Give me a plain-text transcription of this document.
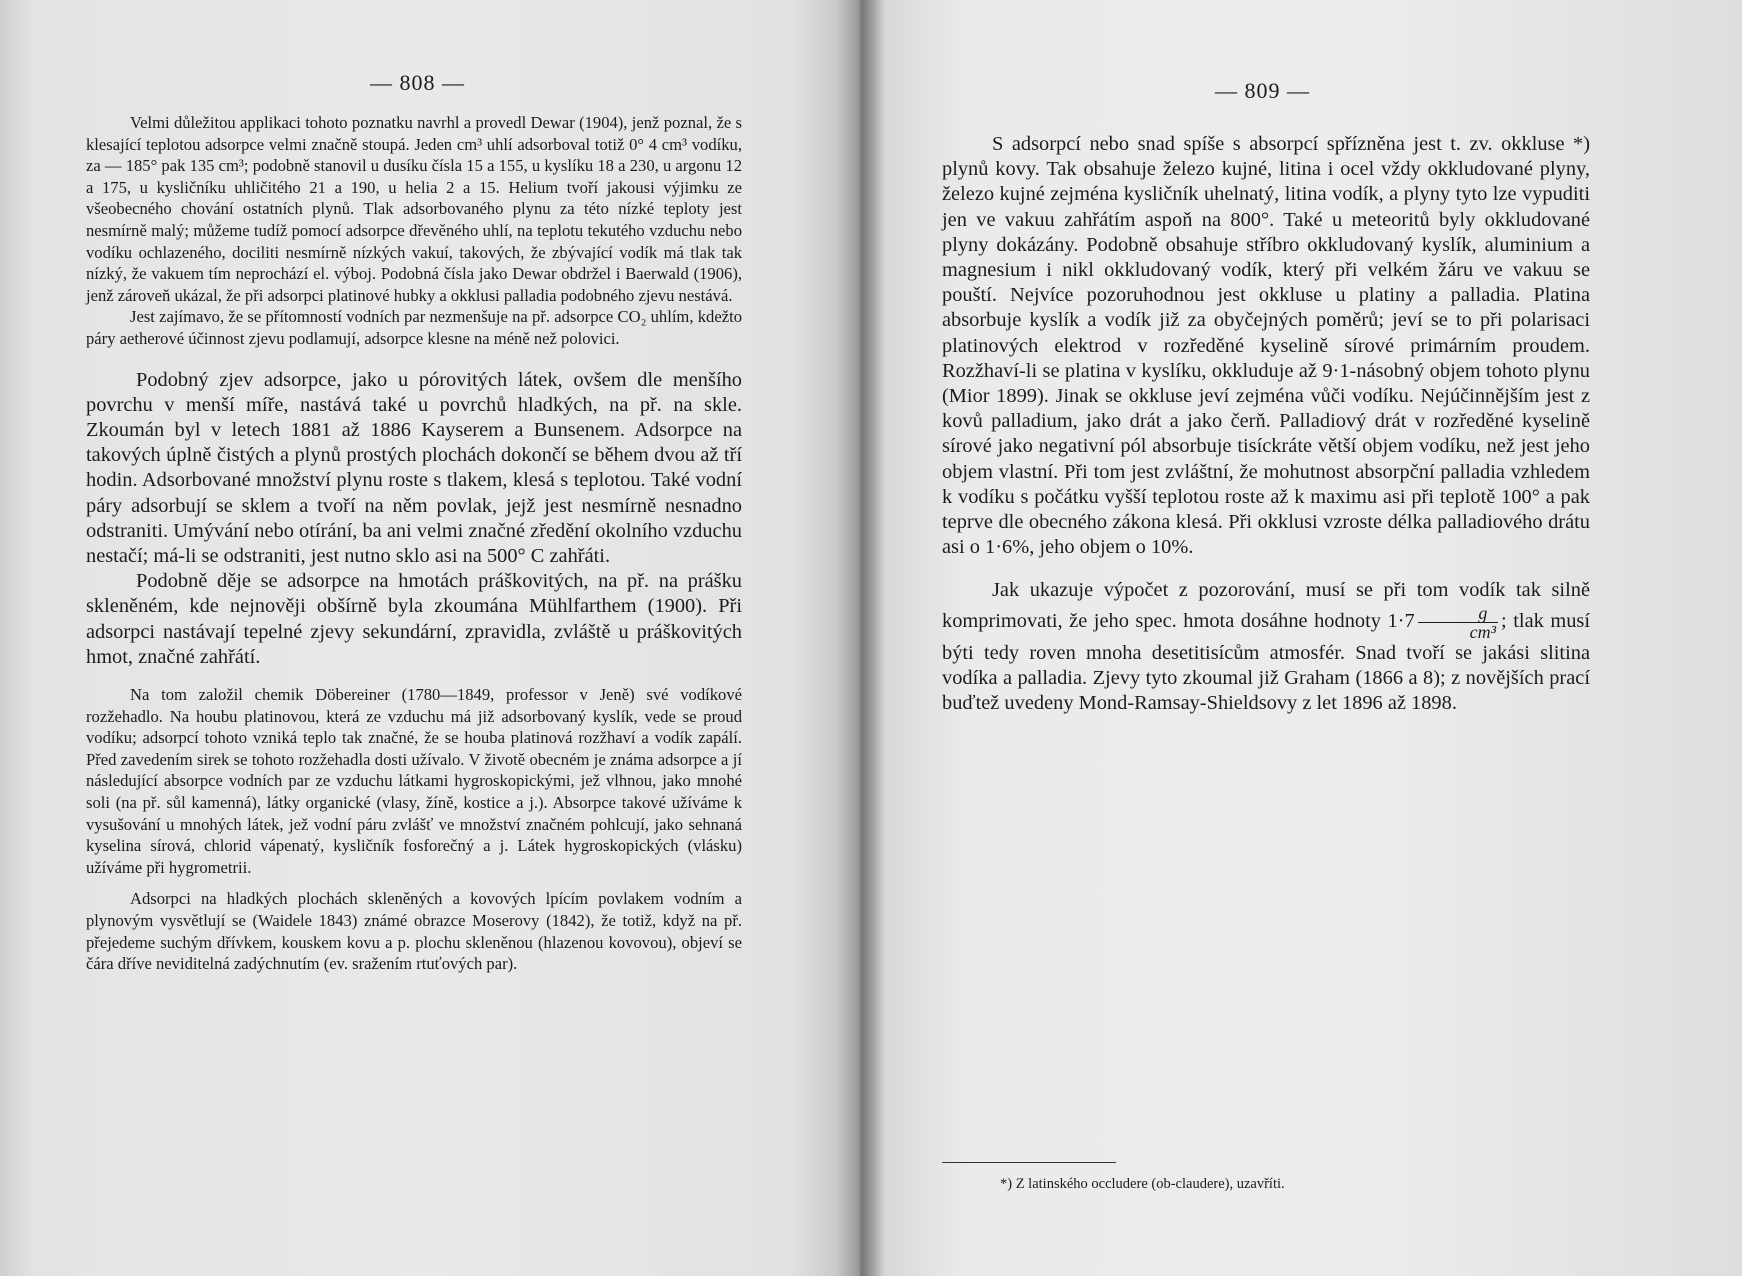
— 808 —	— 809 —

Velmi důležitou applikaci tohoto poznatku navrhl a provedl Dewar (1904), jenž poznal, že s klesající teplotou adsorpce velmi značně stoupá. Jeden cm³ uhlí adsorboval totiž 0° 4 cm³ vodíku, za — 185° pak 135 cm³; podobně stanovil u dusíku čísla 15 a 155, u kyslíku 18 a 230, u argonu 12 a 175, u kysličníku uhličitého 21 a 190, u helia 2 a 15. Helium tvoří jakousi výjimku ze všeobecného chování ostatních plynů. Tlak adsorbovaného plynu za této nízké teploty jest nesmírně malý; můžeme tudíž pomocí adsorpce dřevěného uhlí, na teplotu tekutého vzduchu nebo vodíku ochlazeného, dociliti nesmírně nízkých vakuí, takových, že zbývající vodík má tlak tak nízký, že vakuem tím neprochází el. výboj. Podobná čísla jako Dewar obdržel i Baerwald (1906), jenž zároveň ukázal, že při adsorpci platinové hubky a okklusi palladia podobného zjevu nestává.

Jest zajímavo, že se přítomností vodních par nezmenšuje na př. adsorpce CO₂ uhlím, kdežto páry aetherové účinnost zjevu podlamují, adsorpce klesne na méně než polovici.

Podobný zjev adsorpce, jako u pórovitých látek, ovšem dle menšího povrchu v menší míře, nastává také u povrchů hladkých, na př. na skle. Zkoumán byl v letech 1881 až 1886 Kayserem a Bunsenem. Adsorpce na takových úplně čistých a plynů prostých plochách dokončí se během dvou až tří hodin. Adsorbované množství plynu roste s tlakem, klesá s teplotou. Také vodní páry adsorbují se sklem a tvoří na něm povlak, jejž jest nesmírně nesnadno odstraniti. Umývání nebo otírání, ba ani velmi značné zředění okolního vzduchu nestačí; má-li se odstraniti, jest nutno sklo asi na 500° C zahřáti.

Podobně děje se adsorpce na hmotách práškovitých, na př. na prášku skleněném, kde nejnověji obšírně byla zkoumána Mühlfarthem (1900). Při adsorpci nastávají tepelné zjevy sekundární, zpravidla, zvláště u práškovitých hmot, značné zahřátí.

Na tom založil chemik Döbereiner (1780—1849, professor v Jeně) své vodíkové rozžehadlo. Na houbu platinovou, která ze vzduchu má již adsorbovaný kyslík, vede se proud vodíku; adsorpcí tohoto vzniká teplo tak značné, že se houba platinová rozžhaví a vodík zapálí. Před zavedením sirek se tohoto rozžehadla dosti užívalo. V životě obecném je známa adsorpce a jí následující absorpce vodních par ze vzduchu látkami hygroskopickými, jež vlhnou, jako mnohé soli (na př. sůl kamenná), látky organické (vlasy, žíně, kostice a j.). Absorpce takové užíváme k vysušování u mnohých látek, jež vodní páru zvlášť ve množství značném pohlcují, jako sehnaná kyselina sírová, chlorid vápenatý, kysličník fosforečný a j. Látek hygroskopických (vlásku) užíváme při hygrometrii.

Adsorpci na hladkých plochách skleněných a kovových lpícím povlakem vodním a plynovým vysvětlují se (Waidele 1843) známé obrazce Moserovy (1842), že totiž, když na př. přejedeme suchým dřívkem, kouskem kovu a p. plochu skleněnou (hlazenou kovovou), objeví se čára dříve neviditelná zadýchnutím (ev. sražením rtuťových par).

S adsorpcí nebo snad spíše s absorpcí spřízněna jest t. zv. okkluse *) plynů kovy. Tak obsahuje železo kujné, litina i ocel vždy okkludované plyny, železo kujné zejména kysličník uhelnatý, litina vodík, a plyny tyto lze vypuditi jen ve vakuu zahřátím aspoň na 800°. Také u meteoritů byly okkludované plyny dokázány. Podobně obsahuje stříbro okkludovaný kyslík, aluminium a magnesium i nikl okkludovaný vodík, který při velkém žáru ve vakuu se pouští. Nejvíce pozoruhodnou jest okkluse u platiny a palladia. Platina absorbuje kyslík a vodík již za obyčejných poměrů; jeví se to při polarisaci platinových elektrod v rozředěné kyselině sírové primárním proudem. Rozžhaví-li se platina v kyslíku, okkluduje až 9·1-násobný objem tohoto plynu (Mior 1899). Jinak se okkluse jeví zejména vůči vodíku. Nejúčinnějším jest z kovů palladium, jako drát a jako čerň. Palladiový drát v rozředěné kyselině sírové jako negativní pól absorbuje tisíckráte větší objem vodíku, než jest jeho objem vlastní. Při tom jest zvláštní, že mohutnost absorpční palladia vzhledem k vodíku s počátku vyšší teplotou roste až k maximu asi při teplotě 100° a pak teprve dle obecného zákona klesá. Při okklusi vzroste délka palladiového drátu asi o 1·6%, jeho objem o 10%.

Jak ukazuje výpočet z pozorování, musí se při tom vodík tak silně komprimovati, že jeho spec. hmota dosáhne hodnoty $1\cdot 7 \frac{g}{\text{cm³}}$ ; tlak musí býti tedy roven mnoha desetitisícům atmosfér. Snad tvoří se jakási slitina vodíka a palladia. Zjevy tyto zkoumal již Graham (1866 a 8); z novějších prací buďtež uvedeny Mond-Ramsay-Shieldsovy z let 1896 až 1898.

*) Z latinského occludere (ob-claudere), uzavříti.
